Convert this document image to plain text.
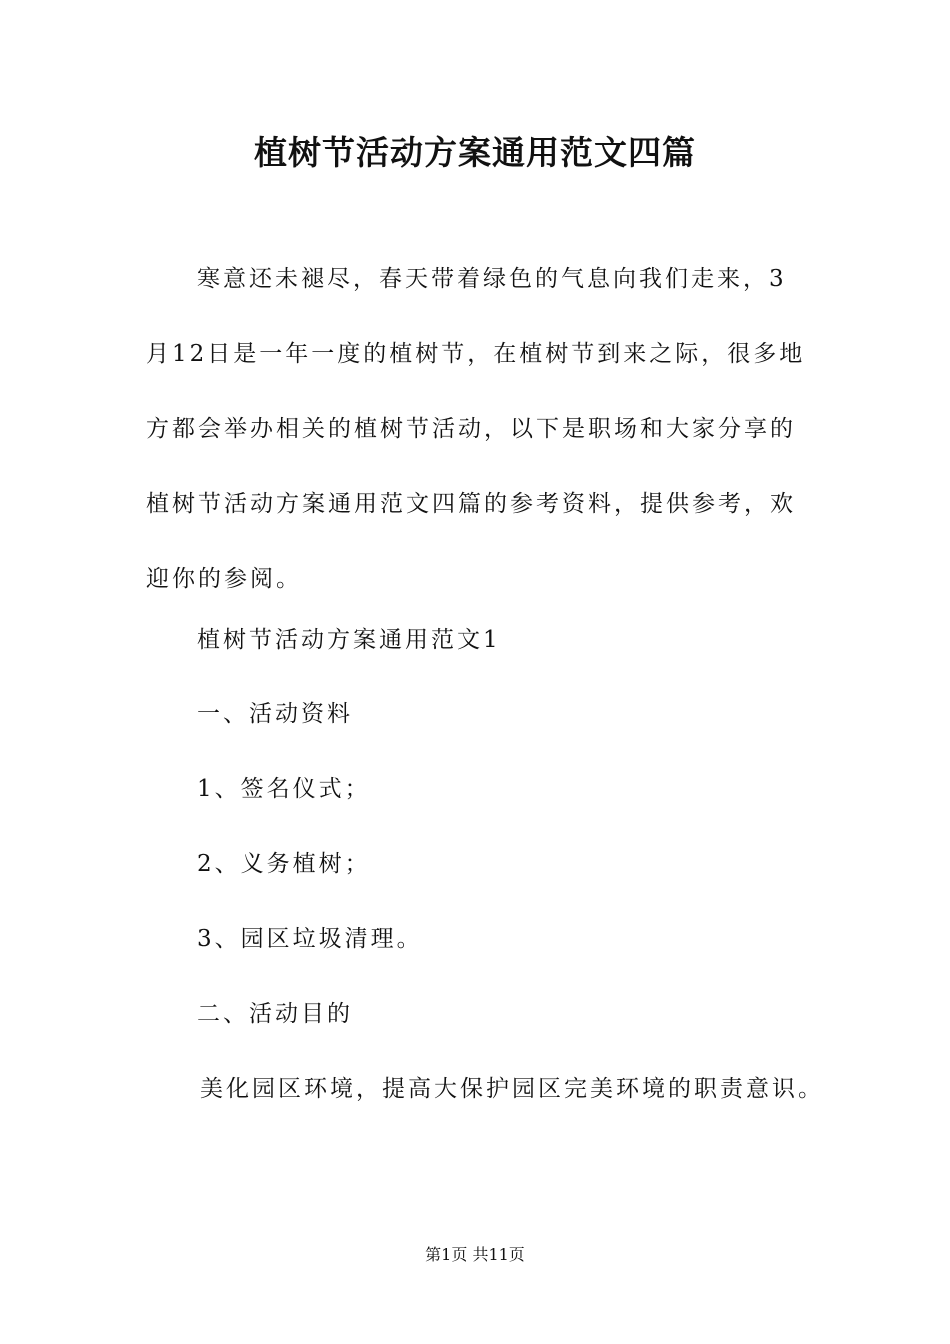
植树节活动方案通用范文四篇

寒意还未褪尽，春天带着绿色的气息向我们走来，3月12日是一年一度的植树节，在植树节到来之际，很多地方都会举办相关的植树节活动，以下是职场和大家分享的植树节活动方案通用范文四篇的参考资料，提供参考，欢迎你的参阅。

植树节活动方案通用范文1

一、活动资料

1、签名仪式；

2、义务植树；

3、园区垃圾清理。

二、活动目的

美化园区环境，提高大保护园区完美环境的职责意识。

第1页 共11页
